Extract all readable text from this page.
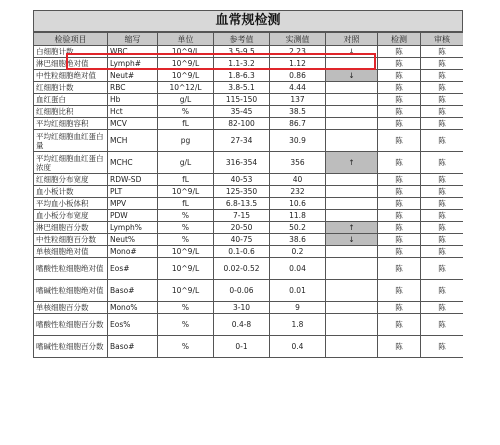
血常规检测
检验项目	缩写	单位	参考值	实测值	对照	检测	审核
白细胞计数	WBC	10^9/L	3.5-9.5	2.23	↓	陈	陈
淋巴细胞绝对值	Lymph#	10^9/L	1.1-3.2	1.12		陈	陈
中性粒细胞绝对值	Neut#	10^9/L	1.8-6.3	0.86	↓	陈	陈
红细胞计数	RBC	10^12/L	3.8-5.1	4.44		陈	陈
血红蛋白	Hb	g/L	115-150	137		陈	陈
红细胞比积	Hct	%	35-45	38.5		陈	陈
平均红细胞容积	MCV	fL	82-100	86.7		陈	陈
平均红细胞血红蛋白量	MCH	pg	27-34	30.9		陈	陈
平均红细胞血红蛋白浓度	MCHC	g/L	316-354	356	↑	陈	陈
红细胞分布宽度	RDW-SD	fL	40-53	40		陈	陈
血小板计数	PLT	10^9/L	125-350	232		陈	陈
平均血小板体积	MPV	fL	6.8-13.5	10.6		陈	陈
血小板分布宽度	PDW	%	7-15	11.8		陈	陈
淋巴细胞百分数	Lymph%	%	20-50	50.2	↑	陈	陈
中性粒细胞百分数	Neut%	%	40-75	38.6	↓	陈	陈
单核细胞绝对值	Mono#	10^9/L	0.1-0.6	0.2		陈	陈
嗜酸性粒细胞绝对值	Eos#	10^9/L	0.02-0.52	0.04		陈	陈
嗜碱性粒细胞绝对值	Baso#	10^9/L	0-0.06	0.01		陈	陈
单核细胞百分数	Mono%	%	3-10	9		陈	陈
嗜酸性粒细胞百分数	Eos%	%	0.4-8	1.8		陈	陈
嗜碱性粒细胞百分数	Baso#	%	0-1	0.4		陈	陈
